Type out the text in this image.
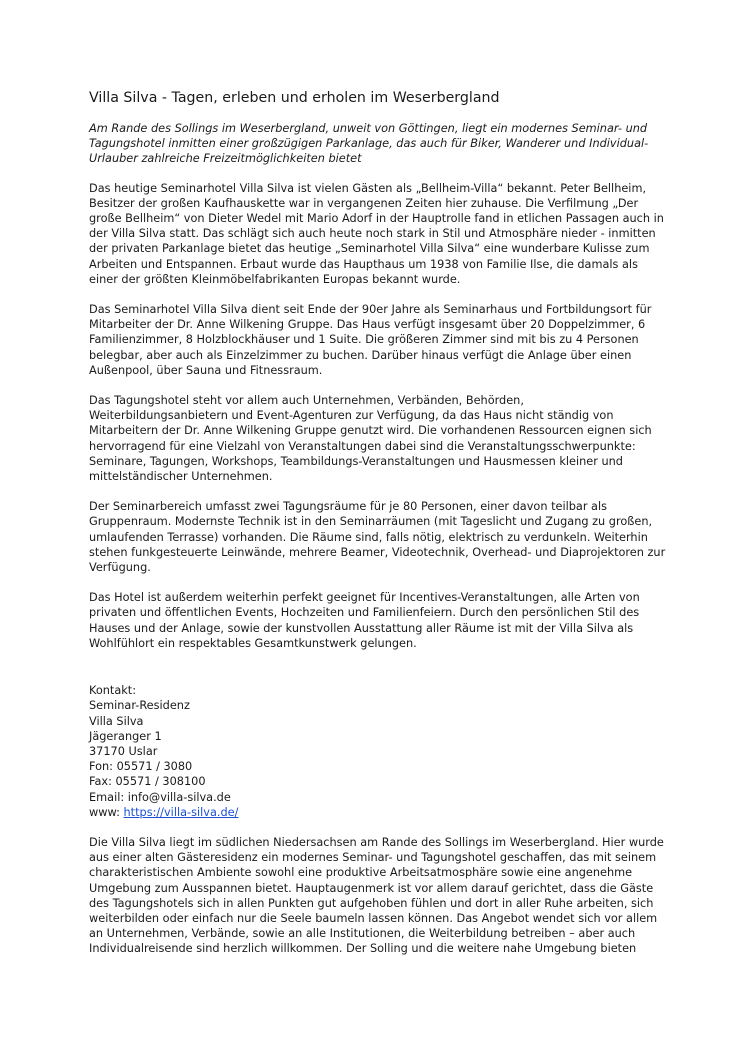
Villa Silva - Tagen, erleben und erholen im Weserbergland

Am Rande des Sollings im Weserbergland, unweit von Göttingen, liegt ein modernes Seminar- und Tagungshotel inmitten einer großzügigen Parkanlage, das auch für Biker, Wanderer und Individual-Urlauber zahlreiche Freizeitmöglichkeiten bietet

Das heutige Seminarhotel Villa Silva ist vielen Gästen als „Bellheim-Villa“ bekannt. Peter Bellheim, Besitzer der großen Kaufhauskette war in vergangenen Zeiten hier zuhause. Die Verfilmung „Der große Bellheim“ von Dieter Wedel mit Mario Adorf in der Hauptrolle fand in etlichen Passagen auch in der Villa Silva statt. Das schlägt sich auch heute noch stark in Stil und Atmosphäre nieder - inmitten der privaten Parkanlage bietet das heutige „Seminarhotel Villa Silva“ eine wunderbare Kulisse zum Arbeiten und Entspannen. Erbaut wurde das Haupthaus um 1938 von Familie Ilse, die damals als einer der größten Kleinmöbelfabrikanten Europas bekannt wurde.

Das Seminarhotel Villa Silva dient seit Ende der 90er Jahre als Seminarhaus und Fortbildungsort für Mitarbeiter der Dr. Anne Wilkening Gruppe. Das Haus verfügt insgesamt über 20 Doppelzimmer, 6 Familienzimmer, 8 Holzblockhäuser und 1 Suite. Die größeren Zimmer sind mit bis zu 4 Personen belegbar, aber auch als Einzelzimmer zu buchen. Darüber hinaus verfügt die Anlage über einen Außenpool, über Sauna und Fitnessraum.

Das Tagungshotel steht vor allem auch Unternehmen, Verbänden, Behörden, Weiterbildungsanbietern und Event-Agenturen zur Verfügung, da das Haus nicht ständig von Mitarbeitern der Dr. Anne Wilkening Gruppe genutzt wird. Die vorhandenen Ressourcen eignen sich hervorragend für eine Vielzahl von Veranstaltungen dabei sind die Veranstaltungsschwerpunkte: Seminare, Tagungen, Workshops, Teambildungs-Veranstaltungen und Hausmessen kleiner und mittelständischer Unternehmen.

Der Seminarbereich umfasst zwei Tagungsräume für je 80 Personen, einer davon teilbar als Gruppenraum. Modernste Technik ist in den Seminarräumen (mit Tageslicht und Zugang zu großen, umlaufenden Terrasse) vorhanden. Die Räume sind, falls nötig, elektrisch zu verdunkeln. Weiterhin stehen funkgesteuerte Leinwände, mehrere Beamer, Videotechnik, Overhead- und Diaprojektoren zur Verfügung.

Das Hotel ist außerdem weiterhin perfekt geeignet für Incentives-Veranstaltungen, alle Arten von privaten und öffentlichen Events, Hochzeiten und Familienfeiern. Durch den persönlichen Stil des Hauses und der Anlage, sowie der kunstvollen Ausstattung aller Räume ist mit der Villa Silva als Wohlfühlort ein respektables Gesamtkunstwerk gelungen.

Kontakt:
Seminar-Residenz
Villa Silva
Jägeranger 1
37170 Uslar
Fon: 05571 / 3080
Fax: 05571 / 308100
Email: info@villa-silva.de
www: https://villa-silva.de/

Die Villa Silva liegt im südlichen Niedersachsen am Rande des Sollings im Weserbergland. Hier wurde aus einer alten Gästeresidenz ein modernes Seminar- und Tagungshotel geschaffen, das mit seinem charakteristischen Ambiente sowohl eine produktive Arbeitsatmosphäre sowie eine angenehme Umgebung zum Ausspannen bietet. Hauptaugenmerk ist vor allem darauf gerichtet, dass die Gäste des Tagungshotels sich in allen Punkten gut aufgehoben fühlen und dort in aller Ruhe arbeiten, sich weiterbilden oder einfach nur die Seele baumeln lassen können. Das Angebot wendet sich vor allem an Unternehmen, Verbände, sowie an alle Institutionen, die Weiterbildung betreiben – aber auch Individualreisende sind herzlich willkommen. Der Solling und die weitere nahe Umgebung bieten
